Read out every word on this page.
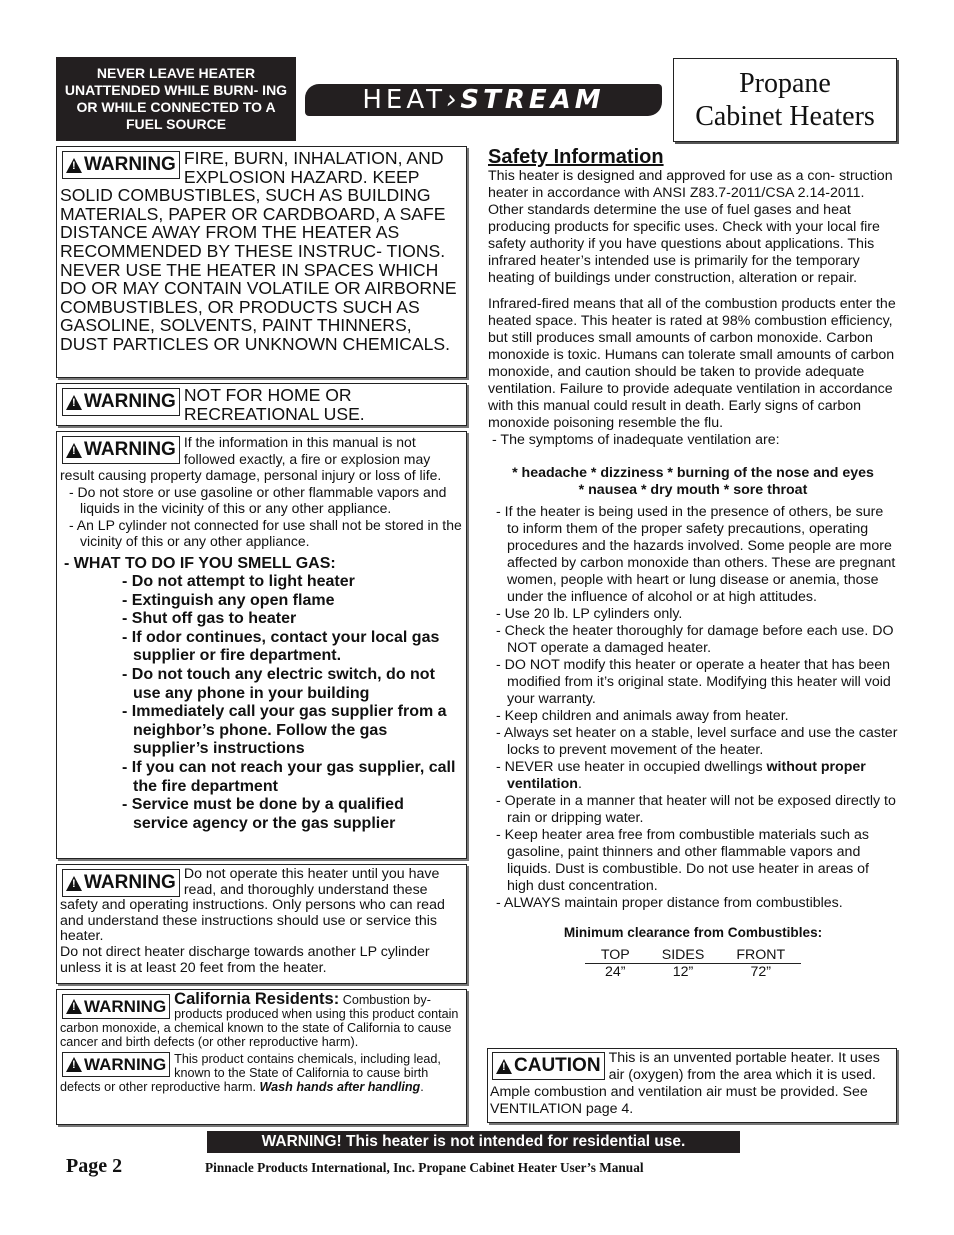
NEVER LEAVE HEATER UNATTENDED WHILE BURN- ING OR WHILE CONNECTED TO A FUEL SOURCE
HEAT›STREAM
Propane
Cabinet Heaters
!
WARNING FIRE, BURN, INHALATION, AND EXPLOSION HAZARD. KEEP SOLID COMBUSTIBLES, SUCH AS BUILDING MATERIALS, PAPER OR CARDBOARD, A SAFE DISTANCE AWAY FROM THE HEATER AS RECOMMENDED BY THESE INSTRUC- TIONS. NEVER USE THE HEATER IN SPACES WHICH DO OR MAY CONTAIN VOLATILE OR AIRBORNE COMBUSTIBLES, OR PRODUCTS SUCH AS GASOLINE, SOLVENTS, PAINT THINNERS, DUST PARTICLES OR UNKNOWN CHEMICALS.
!
WARNING NOT FOR HOME OR RECREATIONAL USE.
!
WARNING If the information in this manual is not followed exactly, a fire or explosion may result causing property damage, personal injury or loss of life.

- Do not store or use gasoline or other flammable vapors and liquids in the vicinity of this or any other appliance.

- An LP cylinder not connected for use shall not be stored in the vicinity of this or any other appliance.

- WHAT TO DO IF YOU SMELL GAS:

- Do not attempt to light heater

- Extinguish any open flame

- Shut off gas to heater

- If odor continues, contact your local gas supplier or fire department.

- Do not touch any electric switch, do not use any phone in your building

- Immediately call your gas supplier from a neighbor’s phone. Follow the gas supplier’s instructions

- If you can not reach your gas supplier, call the fire department

- Service must be done by a qualified service agency or the gas supplier

!
WARNING Do not operate this heater until you have read, and thoroughly understand these safety and operating instructions. Only persons who can read and understand these instructions should use or service this heater.
Do not direct heater discharge towards another LP cylinder unless it is at least 20 feet from the heater.
!
WARNING California Residents: Combustion by-products produced when using this product contain carbon monoxide, a chemical known to the state of California to cause cancer and birth defects (or other reproductive harm).
!
WARNING This product contains chemicals, including lead, known to the State of California to cause birth defects or other reproductive harm. Wash hands after handling.
Safety Information
This heater is designed and approved for use as a con- struction heater in accordance with ANSI Z83.7-2011/CSA 2.14-2011. Other standards determine the use of fuel gases and heat producing products for specific uses. Check with your local fire safety authority if you have questions about applications. This infrared heater’s intended use is primarily for the temporary heating of buildings under construction, alteration or repair.
Infrared-fired means that all of the combustion products enter the heated space. This heater is rated at 98% combustion efficiency, but still produces small amounts of carbon monoxide. Carbon monoxide is toxic. Humans can tolerate small amounts of carbon monoxide, and caution should be taken to provide adequate ventilation. Failure to provide adequate ventilation in accordance with this manual could result in death. Early signs of carbon monoxide poisoning resemble the flu.
- The symptoms of inadequate ventilation are:
* headache * dizziness * burning of the nose and eyes
* nausea * dry mouth * sore throat

- If the heater is being used in the presence of others, be sure to inform them of the proper safety precautions, operating procedures and the hazards involved. Some people are more affected by carbon monoxide than others. These are pregnant women, people with heart or lung disease or anemia, those under the influence of alcohol or at high attitudes.

- Use 20 lb. LP cylinders only.

- Check the heater thoroughly for damage before each use. DO NOT operate a damaged heater.

- DO NOT modify this heater or operate a heater that has been modified from it’s original state. Modifying this heater will void your warranty.

- Keep children and animals away from heater.

- Always set heater on a stable, level surface and use the caster locks to prevent movement of the heater.

- NEVER use heater in occupied dwellings without proper ventilation.

- Operate in a manner that heater will not be exposed directly to rain or dripping water.

- Keep heater area free from combustible materials such as gasoline, paint thinners and other flammable vapors and liquids. Dust is combustible. Do not use heater in areas of high dust concentration.

- ALWAYS maintain proper distance from combustibles.

Minimum clearance from Combustibles:
TOP	SIDES	FRONT
24”	12”	72”
!
CAUTION This is an unvented portable heater. It uses air (oxygen) from the area which it is used. Ample combustion and ventilation air must be provided. See VENTILATION page 4.
WARNING! This heater is not intended for residential use.
Page 2	Pinnacle Products International, Inc. Propane Cabinet Heater User’s Manual
